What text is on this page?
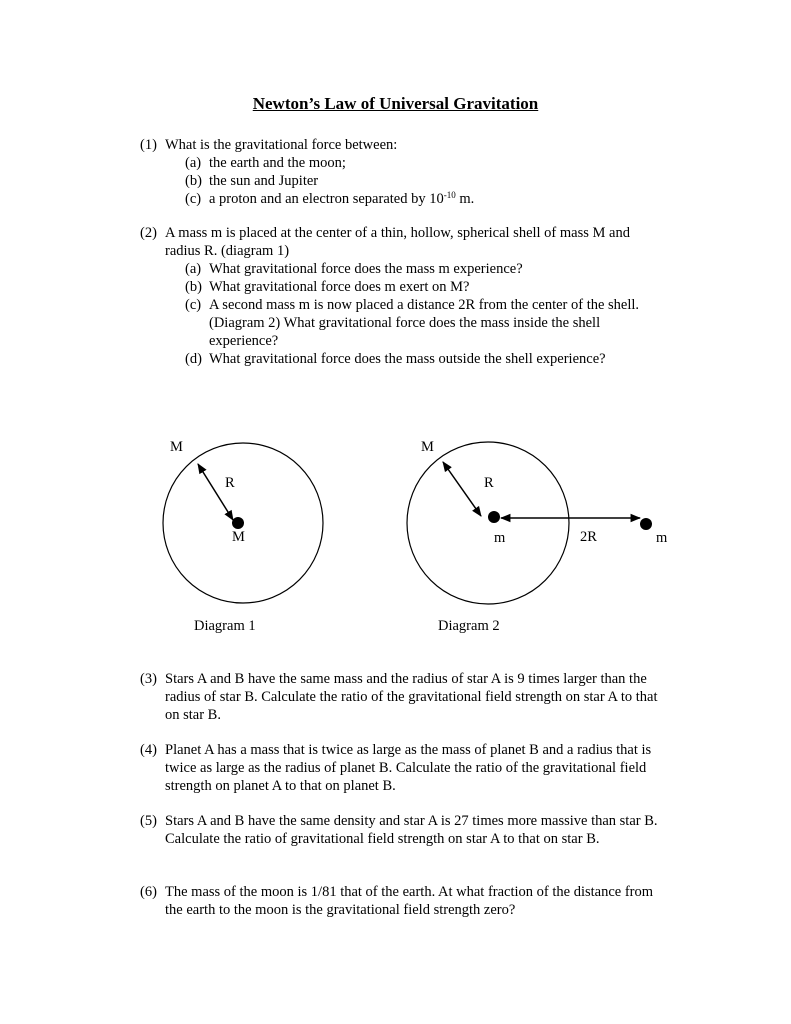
Newton’s Law of Universal Gravitation
(1) What is the gravitational force between:
(a) the earth and the moon;
(b) the sun and Jupiter
(c) a proton and an electron separated by $10^{-10}$ m.
(2) A mass m is placed at the center of a thin, hollow, spherical shell of mass M and radius R. (diagram 1)
(a) What gravitational force does the mass m experience?
(b) What gravitational force does m exert on M?
(c) A second mass m is now placed a distance 2R from the center of the shell. (Diagram 2) What gravitational force does the mass inside the shell experience?
(d) What gravitational force does the mass outside the shell experience?
M
R
M
Diagram 1
M
R
m	2R	m
Diagram 2
(3) Stars A and B have the same mass and the radius of star A is 9 times larger than the radius of star B. Calculate the ratio of the gravitational field strength on star A to that on star B.
(4) Planet A has a mass that is twice as large as the mass of planet B and a radius that is twice as large as the radius of planet B. Calculate the ratio of the gravitational field strength on planet A to that on planet B.
(5) Stars A and B have the same density and star A is 27 times more massive than star B. Calculate the ratio of gravitational field strength on star A to that on star B.
(6) The mass of the moon is 1/81 that of the earth. At what fraction of the distance from the earth to the moon is the gravitational field strength zero?
